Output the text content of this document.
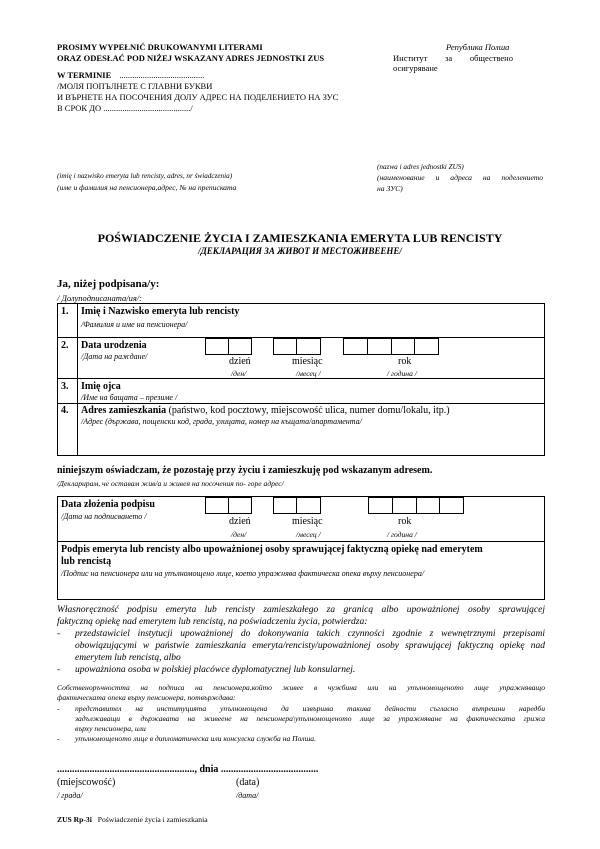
PROSIMY WYPEŁNIĆ DRUKOWANYMI LITERAMI
ORAZ ODESŁAĆ POD NIŻEJ WSKAZANY ADRES JEDNOSTKI ZUS
W TERMINIE ........................................
/МОЛЯ ПОПЪЛНЕТЕ С ГЛАВНИ БУКВИ
И ВЪРНЕТЕ НА ПОСОЧЕНИЯ ДОЛУ АДРЕС НА ПОДЕЛЕНИЕТО НА ЗУС
В СРОК ДО ........................................./
Република Полша
Институт за обществено
осигуряване
(imię i nazwisko emeryta lub rencisty, adres, nr świadczenia)
(име и фамилия на пенсионера,адрес, № на преписката
(nazwa i adres jednostki ZUS)
(наименование и адреса на поделението
на ЗУС)
POŚWIADCZENIE ŻYCIA I ZAMIESZKANIA EMERYTA LUB RENCISTY
/ДЕКЛАРАЦИЯ ЗА ЖИВОТ И МЕСТОЖИВЕЕНЕ/
Ja, niżej podpisana/y:
/ Долуподписаната/ия/:
1. Imię i Nazwisko emeryta lub rencisty
/Фамилия и име на пенсионера/
2. Data urodzenia
/Дата на раждане/	dzień
/ден/
miesiąc
/месец /
rok
/ година /
3. Imię ojca
/Име на бащата – презиме /
4. Adres zamieszkania (państwo, kod pocztowy, miejscowość ulica, numer domu/lokalu, itp.)
/Адрес (държава, пощенски код, града, улицата, номер на къщата/апартамента/
niniejszym oświadczam, że pozostaję przy życiu i zamieszkuję pod wskazanym adresem.
/Декларирам, че оставам жив/а и живея на посочения по- горе адрес/
Data złożenia podpisu
/Дата на подписването /	dzień
/ден/
miesiąc
/месец /
rok
/ година /
Podpis emeryta lub rencisty albo upoważnionej osoby sprawującej faktyczną opiekę nad emerytem
lub rencistą
/Подпис на пенсионера или на упълномощено лице, което упражнява фактическа опека върху пенсионера/
Własnoręczność podpisu emeryta lub rencisty zamieszkałego za granicą albo upoważnionej osoby sprawującej
faktyczną opiekę nad emerytem lub rencistą, na poświadczeniu życia, potwierdza:
- przedstawiciel instytucji upoważnionej do dokonywania takich czynności zgodnie z wewnętrznymi przepisami
obowiązującymi w państwie zamieszkania emeryta/rencisty/upoważnionej osoby sprawującej faktyczną opiekę nad
emerytem lub rencistą, albo
- upoważniona osoba w polskiej placówce dyplomatycznej lub konsularnej.
Собственоръчността на подписа на пенсионера,който живее в чужбина или на упълномощеното лице упражняващо
фактическата опека върху пенсионера, потвърждава:
- представител на институцията упълномощена да извършва такива дейности съгласно вътрешни наредби
задължаващи в държавата на живеене на пенсионера\упълномощеното лице за упражняване на фактическата грижа
върху пенсионера, или
- упълномощеното лице в дипломатическа или консулска служба на Полша.
......................................................., dnia .......................................
(miejscowość)	(data)
/ града/	/дата/
ZUS Rp-3i Poświadczenie życia i zamieszkania
